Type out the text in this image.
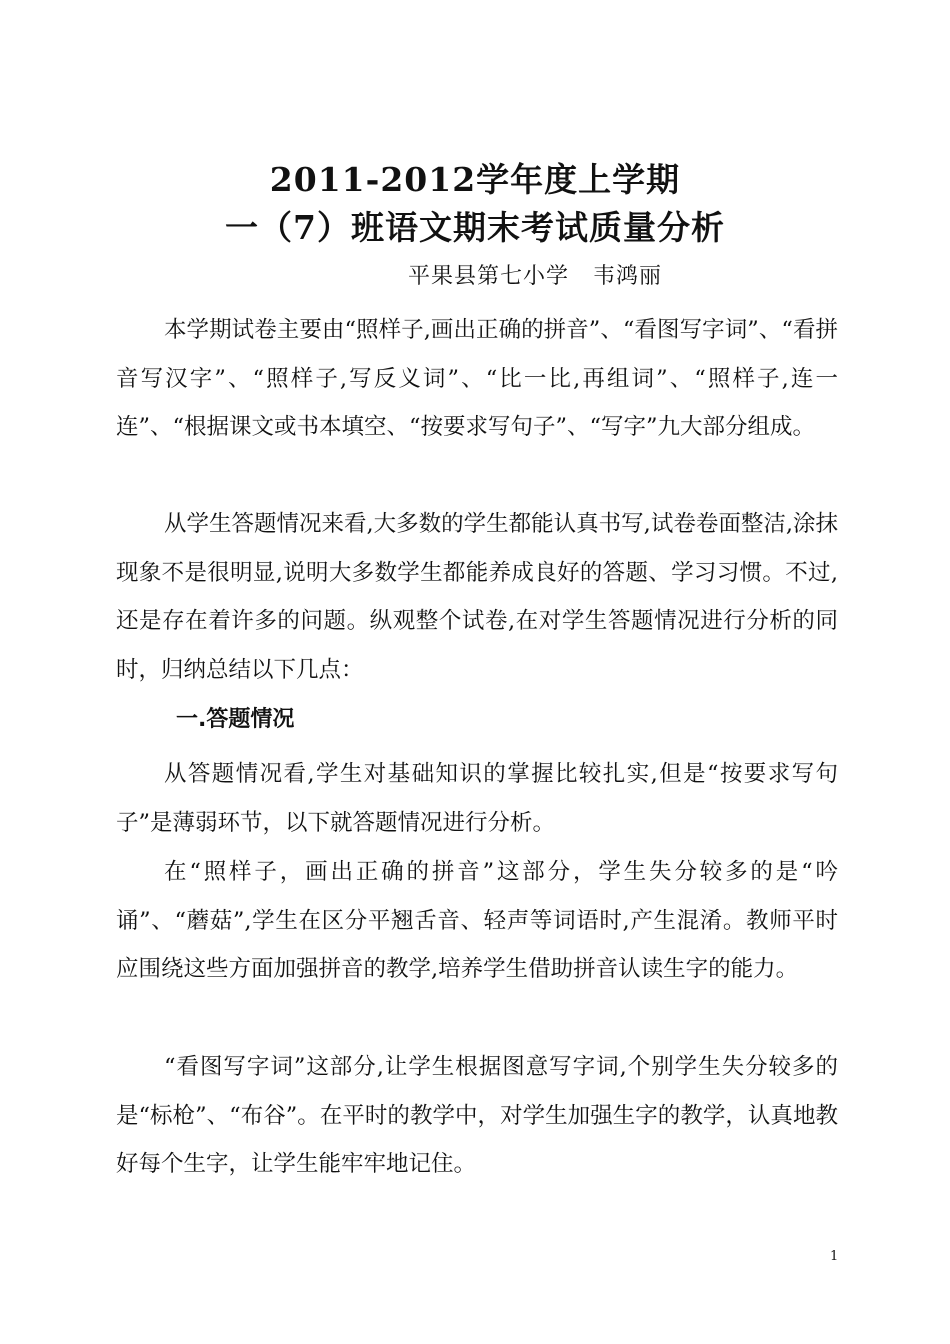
2011-2012学年度上学期
一（7）班语文期末考试质量分析
平果县第七小学   韦鸿丽

本学期试卷主要由“照样子,画出正确的拼音”、“看图写字词”、“看拼音写汉字”、“照样子,写反义词”、“比一比,再组词”、“照样子,连一连”、“根据课文或书本填空、“按要求写句子”、“写字”九大部分组成。

从学生答题情况来看,大多数的学生都能认真书写,试卷卷面整洁,涂抹现象不是很明显,说明大多数学生都能养成良好的答题、学习习惯。不过,还是存在着许多的问题。纵观整个试卷,在对学生答题情况进行分析的同时，归纳总结以下几点：

一.答题情况

从答题情况看,学生对基础知识的掌握比较扎实,但是“按要求写句子”是薄弱环节，以下就答题情况进行分析。

在“照样子，画出正确的拼音”这部分，学生失分较多的是“吟诵”、“蘑菇”,学生在区分平翘舌音、轻声等词语时,产生混淆。教师平时应围绕这些方面加强拼音的教学,培养学生借助拼音认读生字的能力。

“看图写字词”这部分,让学生根据图意写字词,个别学生失分较多的是“标枪”、“布谷”。在平时的教学中，对学生加强生字的教学，认真地教好每个生字，让学生能牢牢地记住。

1
